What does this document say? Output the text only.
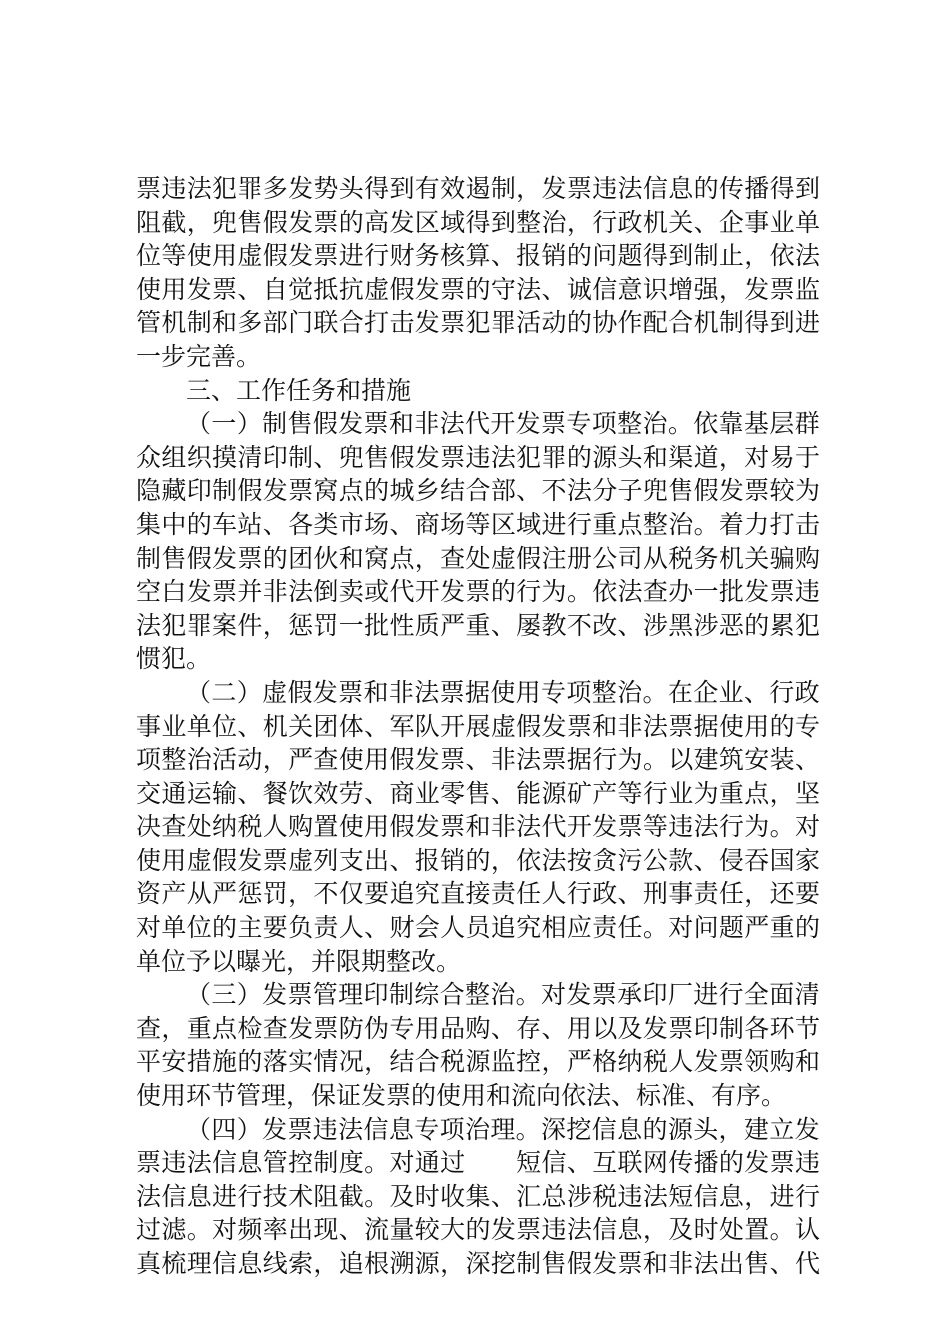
票 违 法 犯 罪 多 发 势 头 得 到 有 效 遏 制 ， 发 票 违 法 信 息 的 传 播 得 到
阻 截 ， 兜 售 假 发 票 的 高 发 区 域 得 到 整 治 ， 行 政 机 关 、 企 事 业 单
位 等 使 用 虚 假 发 票 进 行 财 务 核 算 、 报 销 的 问 题 得 到 制 止 ， 依 法
使 用 发 票 、 自 觉 抵 抗 虚 假 发 票 的 守 法 、 诚 信 意 识 增 强 ， 发 票 监
管 机 制 和 多 部 门 联 合 打 击 发 票 犯 罪 活 动 的 协 作 配 合 机 制 得 到 进
一步完善。
三、工作任务和措施
（ 一 ） 制 售 假 发 票 和 非 法 代 开 发 票 专 项 整 治 。 依 靠 基 层 群
众 组 织 摸 清 印 制 、 兜 售 假 发 票 违 法 犯 罪 的 源 头 和 渠 道 ， 对 易 于
隐 藏 印 制 假 发 票 窝 点 的 城 乡 结 合 部 、 不 法 分 子 兜 售 假 发 票 较 为
集 中 的 车 站 、 各 类 市 场 、 商 场 等 区 域 进 行 重 点 整 治 。 着 力 打 击
制 售 假 发 票 的 团 伙 和 窝 点 ， 查 处 虚 假 注 册 公 司 从 税 务 机 关 骗 购
空 白 发 票 并 非 法 倒 卖 或 代 开 发 票 的 行 为 。 依 法 查 办 一 批 发 票 违
法 犯 罪 案 件 ， 惩 罚 一 批 性 质 严 重 、 屡 教 不 改 、 涉 黑 涉 恶 的 累 犯
惯犯。
（ 二 ） 虚 假 发 票 和 非 法 票 据 使 用 专 项 整 治 。 在 企 业 、 行 政
事 业 单 位 、 机 关 团 体 、 军 队 开 展 虚 假 发 票 和 非 法 票 据 使 用 的 专
项 整 治 活 动 ， 严 查 使 用 假 发 票 、 非 法 票 据 行 为 。 以 建 筑 安 装 、
交 通 运 输 、 餐 饮 效 劳 、 商 业 零 售 、 能 源 矿 产 等 行 业 为 重 点 ， 坚
决 查 处 纳 税 人 购 置 使 用 假 发 票 和 非 法 代 开 发 票 等 违 法 行 为 。 对
使 用 虚 假 发 票 虚 列 支 出 、 报 销 的 ， 依 法 按 贪 污 公 款 、 侵 吞 国 家
资 产 从 严 惩 罚 ， 不 仅 要 追 究 直 接 责 任 人 行 政 、 刑 事 责 任 ， 还 要
对 单 位 的 主 要 负 责 人 、 财 会 人 员 追 究 相 应 责 任 。 对 问 题 严 重 的
单位予以曝光，并限期整改。
（ 三 ） 发 票 管 理 印 制 综 合 整 治 。 对 发 票 承 印 厂 进 行 全 面 清
查 ， 重 点 检 查 发 票 防 伪 专 用 品 购 、 存 、 用 以 及 发 票 印 制 各 环 节
平 安 措 施 的 落 实 情 况 ， 结 合 税 源 监 控 ， 严 格 纳 税 人 发 票 领 购 和
使用环节管理，保证发票的使用和流向依法、标准、有序。
（ 四 ） 发 票 违 法 信 息 专 项 治 理 。 深 挖 信 息 的 源 头 ， 建 立 发
票 违 法 信 息 管 控 制 度 。 对 通 过

　 短 信 、 互 联 网 传 播 的 发 票 违
法 信 息 进 行 技 术 阻 截 。 及 时 收 集 、 汇 总 涉 税 违 法 短 信 息 ， 进 行
过 滤 。 对 频 率 出 现 、 流 量 较 大 的 发 票 违 法 信 息 ， 及 时 处 置 。 认
真 梳 理 信 息 线 索 ， 追 根 溯 源 ， 深 挖 制 售 假 发 票 和 非 法 出 售 、 代
